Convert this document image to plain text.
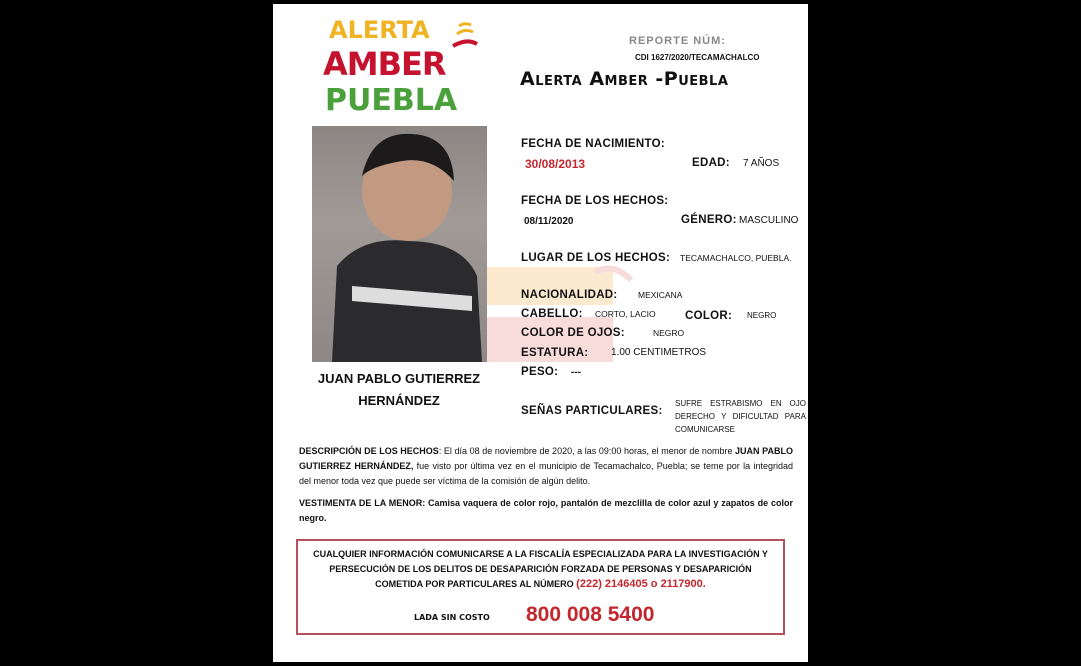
ALERTA
AMBER
PUEBLA
REPORTE NÚM:
CDI 1627/2020/TECAMACHALCO
Alerta Amber -Puebla
JUAN PABLO GUTIERREZ
HERNÁNDEZ
FECHA DE NACIMIENTO:
30/08/2013	EDAD: 7 AÑOS
FECHA DE LOS HECHOS:
08/11/2020	GÉNERO: MASCULINO
LUGAR DE LOS HECHOS: TECAMACHALCO, PUEBLA.
NACIONALIDAD: MEXICANA
CABELLO: CORTO, LACIO	COLOR: NEGRO
COLOR DE OJOS:	NEGRO
ESTATURA: 1.00 CENTIMETROS
PESO: ---
SEÑAS PARTICULARES:
SUFRE ESTRABISMO EN OJO DERECHO Y DIFICULTAD PARA COMUNICARSE
DESCRIPCIÓN DE LOS HECHOS: El día 08 de noviembre de 2020, a las 09:00 horas, el menor de nombre JUAN PABLO GUTIERREZ HERNÁNDEZ, fue visto por última vez en el municipio de Tecamachalco, Puebla; se teme por la integridad del menor toda vez que puede ser víctima de la comisión de algún delito.
VESTIMENTA DE LA MENOR: Camisa vaquera de color rojo, pantalón de mezclilla de color azul y zapatos de color negro.
CUALQUIER INFORMACIÓN COMUNICARSE A LA FISCALÍA ESPECIALIZADA PARA LA INVESTIGACIÓN Y PERSECUCIÓN DE LOS DELITOS DE DESAPARICIÓN FORZADA DE PERSONAS Y DESAPARICIÓN COMETIDA POR PARTICULARES AL NÚMERO (222) 2146405 o 2117900.
LADA SIN COSTO 800 008 5400
